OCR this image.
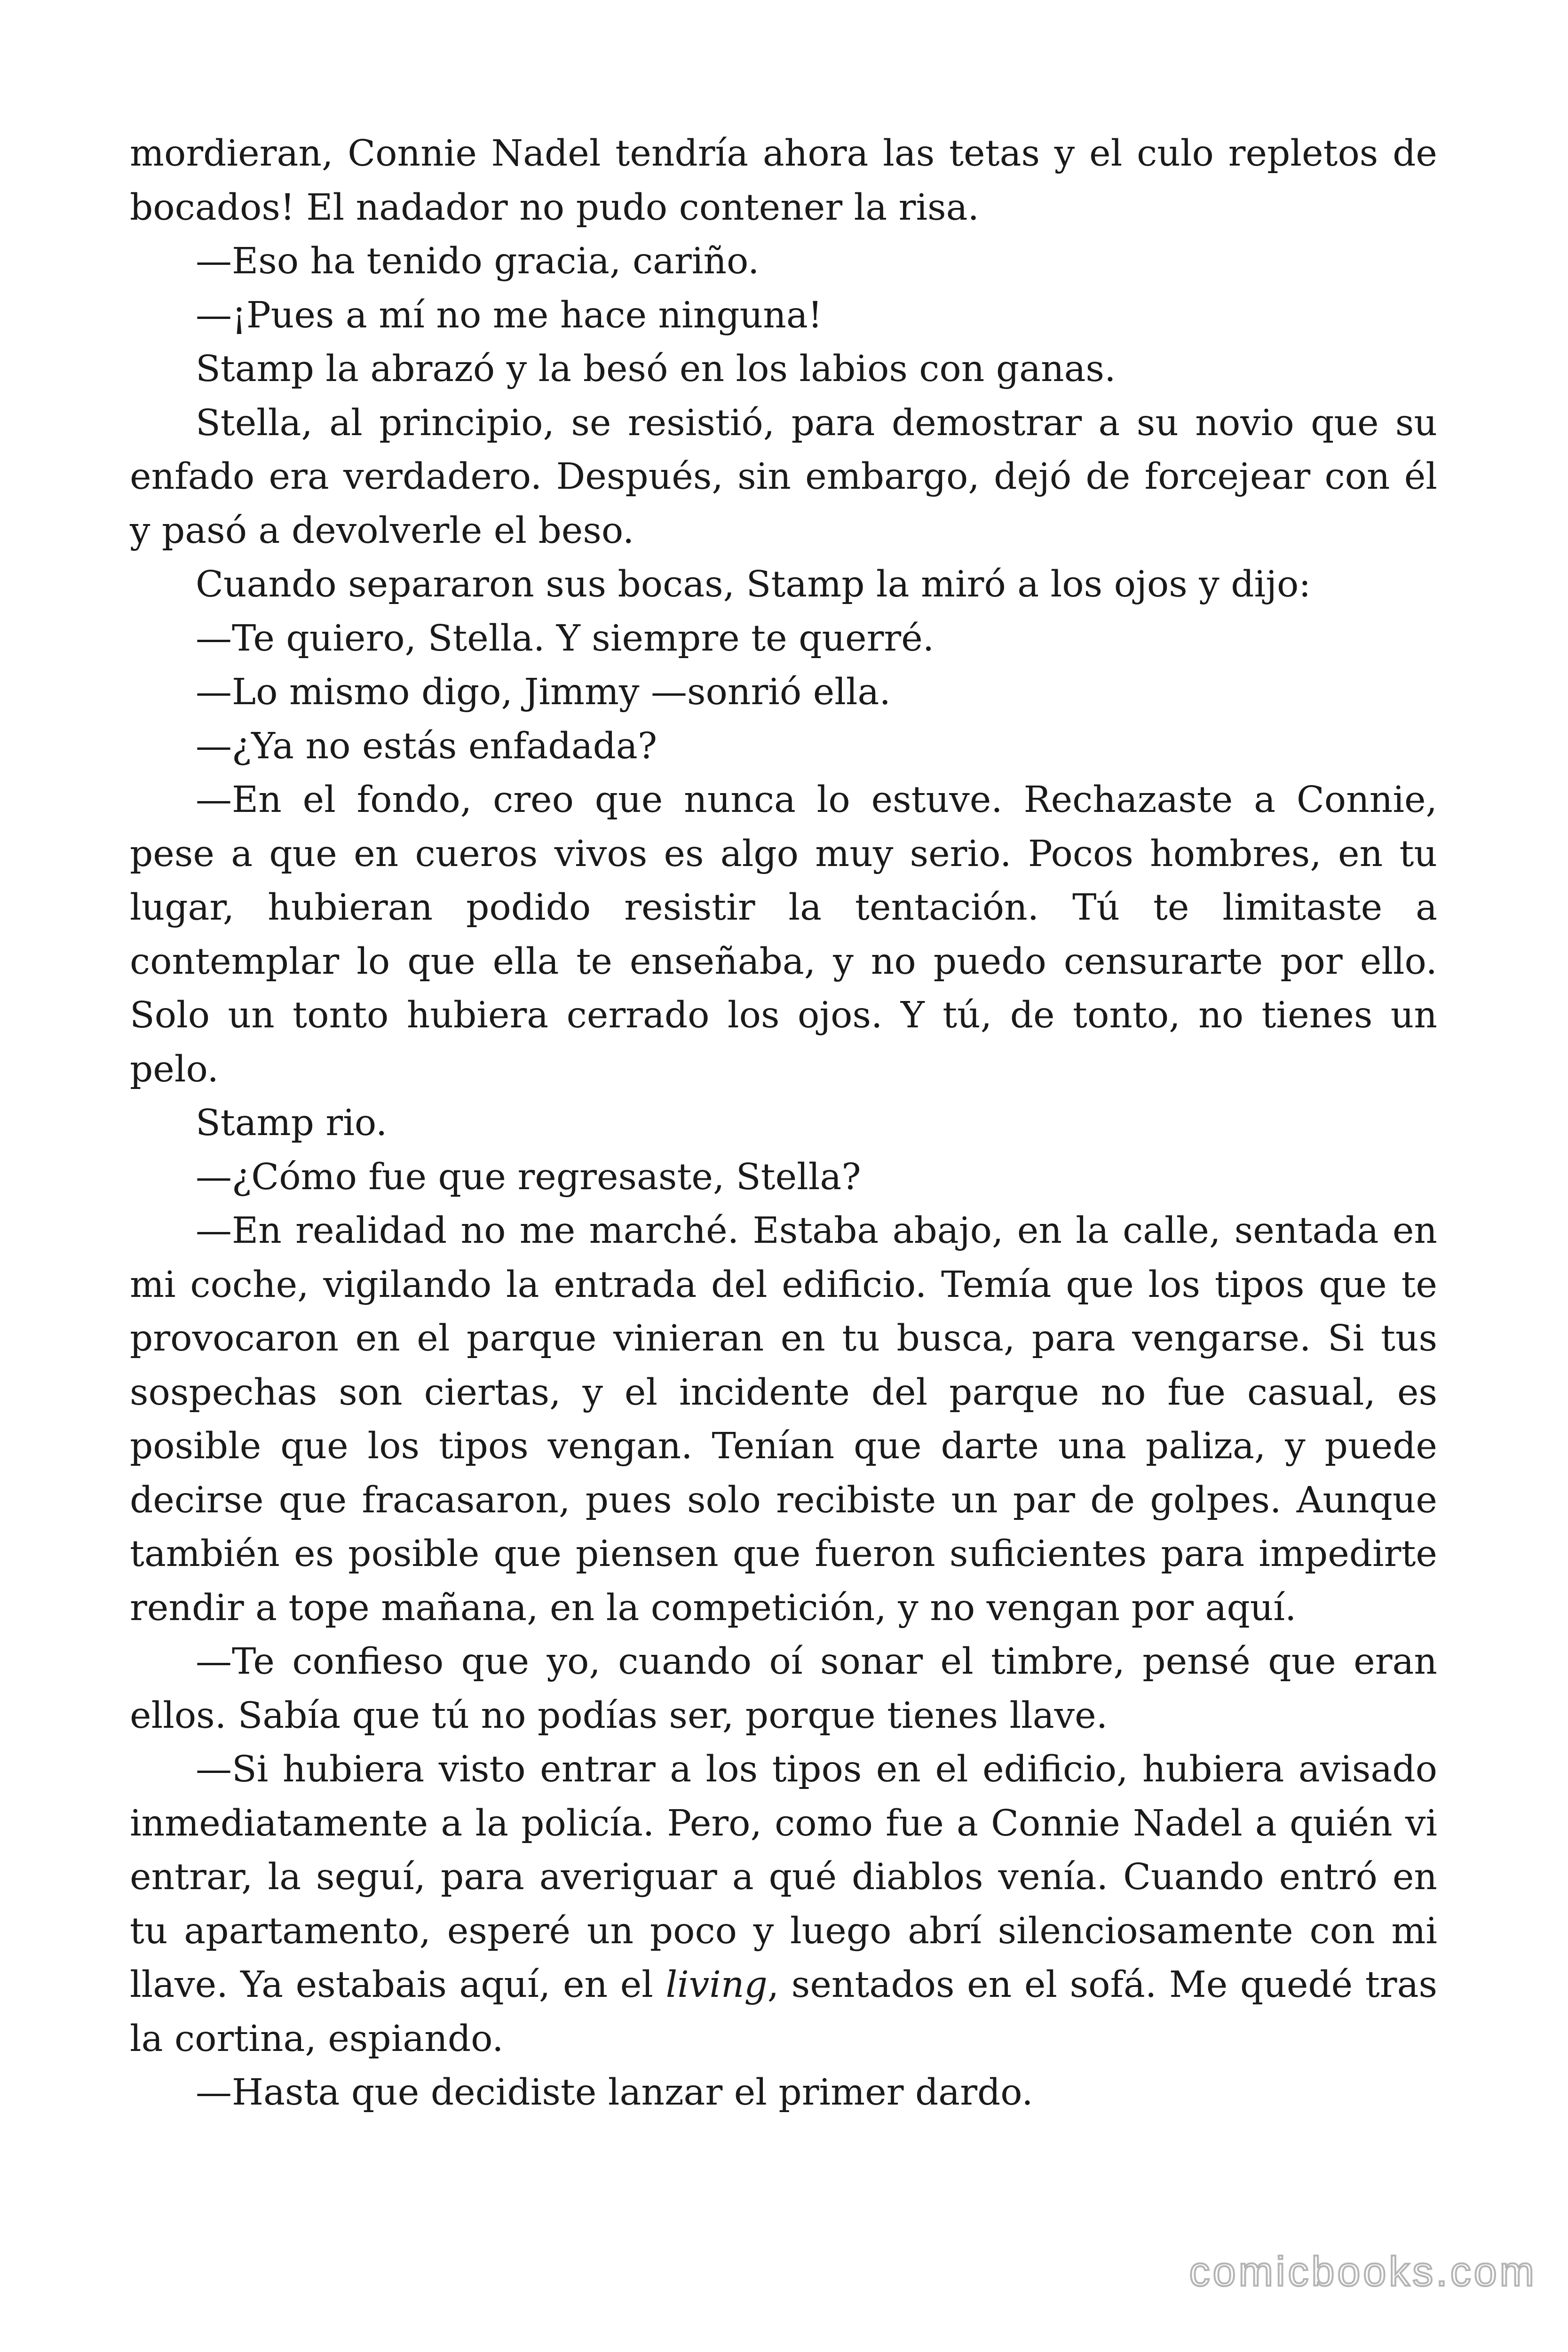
mordieran, Connie Nadel tendría ahora las tetas y el culo repletos de bocados! El nadador no pudo contener la risa.

—Eso ha tenido gracia, cariño.

—¡Pues a mí no me hace ninguna!

Stamp la abrazó y la besó en los labios con ganas.

Stella, al principio, se resistió, para demostrar a su novio que su enfado era verdadero. Después, sin embargo, dejó de forcejear con él y pasó a devolverle el beso.

Cuando separaron sus bocas, Stamp la miró a los ojos y dijo:

—Te quiero, Stella. Y siempre te querré.

—Lo mismo digo, Jimmy —sonrió ella.

—¿Ya no estás enfadada?

—En el fondo, creo que nunca lo estuve. Rechazaste a Connie, pese a que en cueros vivos es algo muy serio. Pocos hombres, en tu lugar, hubieran podido resistir la tentación. Tú te limitaste a contemplar lo que ella te enseñaba, y no puedo censurarte por ello. Solo un tonto hubiera cerrado los ojos. Y tú, de tonto, no tienes un pelo.

Stamp rio.

—¿Cómo fue que regresaste, Stella?

—En realidad no me marché. Estaba abajo, en la calle, sentada en mi coche, vigilando la entrada del edificio. Temía que los tipos que te provocaron en el parque vinieran en tu busca, para vengarse. Si tus sospechas son ciertas, y el incidente del parque no fue casual, es posible que los tipos vengan. Tenían que darte una paliza, y puede decirse que fracasaron, pues solo recibiste un par de golpes. Aunque también es posible que piensen que fueron suficientes para impedirte rendir a tope mañana, en la competición, y no vengan por aquí.

—Te confieso que yo, cuando oí sonar el timbre, pensé que eran ellos. Sabía que tú no podías ser, porque tienes llave.

—Si hubiera visto entrar a los tipos en el edificio, hubiera avisado inmediatamente a la policía. Pero, como fue a Connie Nadel a quién vi entrar, la seguí, para averiguar a qué diablos venía. Cuando entró en tu apartamento, esperé un poco y luego abrí silenciosamente con mi llave. Ya estabais aquí, en el living, sentados en el sofá. Me quedé tras la cortina, espiando.

—Hasta que decidiste lanzar el primer dardo.

comicbooks.com
